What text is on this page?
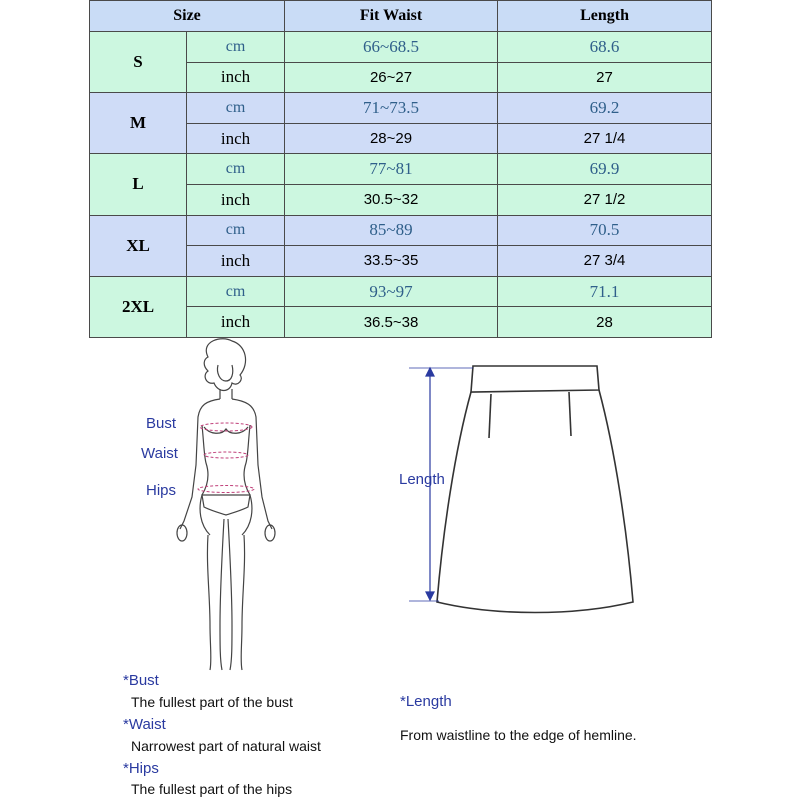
Size		Fit Waist	Length
S	cm	66~68.5	68.6
	inch	26~27	27
M	cm	71~73.5	69.2
	inch	28~29	27 1/4
L	cm	77~81	69.9
	inch	30.5~32	27 1/2
XL	cm	85~89	70.5
	inch	33.5~35	27 3/4
2XL	cm	93~97	71.1
	inch	36.5~38	28
Bust
Waist
Hips
Length
*Bust
The fullest part of the bust
*Waist
Narrowest part of natural waist
*Hips
The fullest part of the hips
*Length
From waistline to the edge of hemline.
